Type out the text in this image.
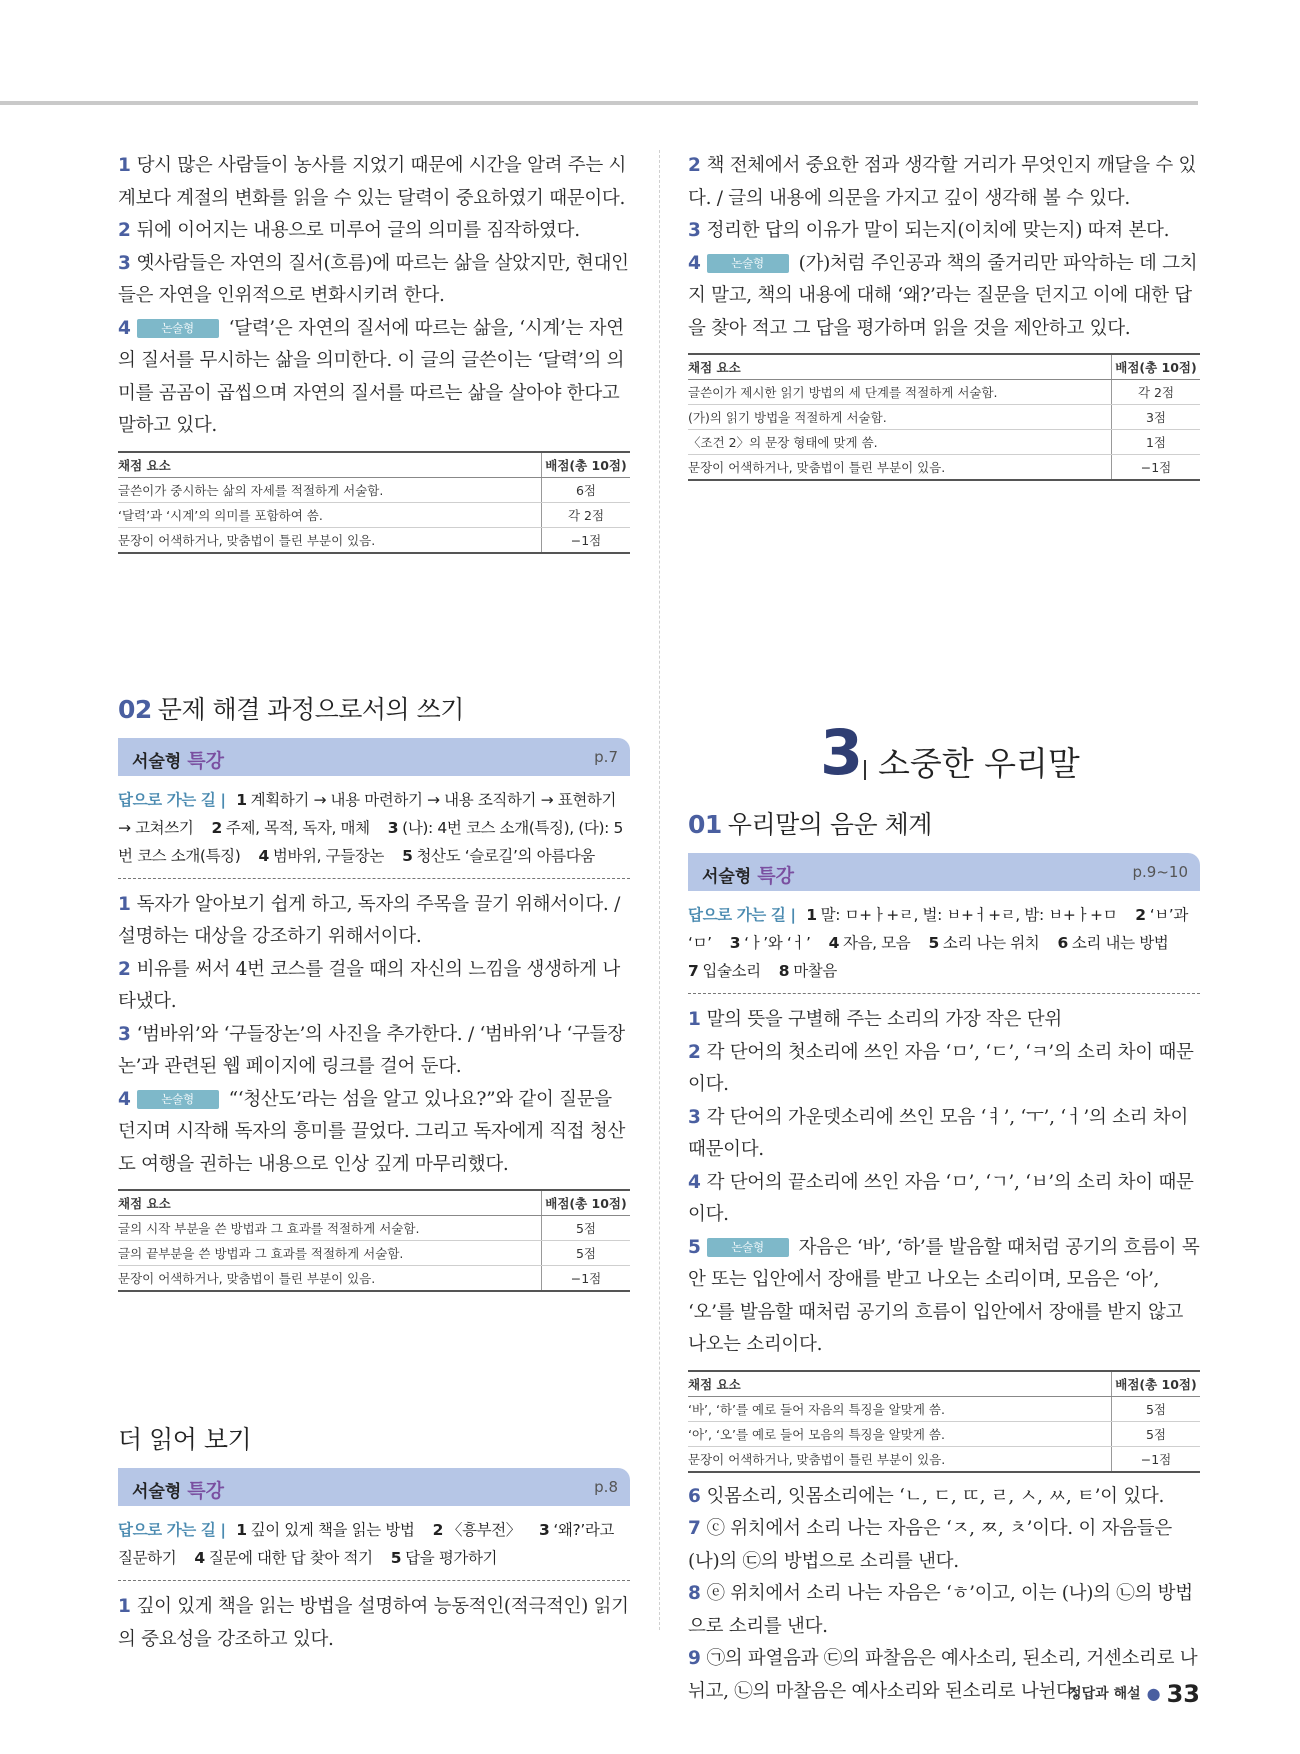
1 당시 많은 사람들이 농사를 지었기 때문에 시간을 알려 주는 시계보다 계절의 변화를 읽을 수 있는 달력이 중요하였기 때문이다.

2 뒤에 이어지는 내용으로 미루어 글의 의미를 짐작하였다.

3 옛사람들은 자연의 질서(흐름)에 따르는 삶을 살았지만, 현대인들은 자연을 인위적으로 변화시키려 한다.

4	논술형 ‘달력’은 자연의 질서에 따르는 삶을, ‘시계’는 자연의 질서를 무시하는 삶을 의미한다. 이 글의 글쓴이는 ‘달력’의 의미를 곰곰이 곱씹으며 자연의 질서를 따르는 삶을 살아야 한다고 말하고 있다.

채점 요소	배점(총 10점)
글쓴이가 중시하는 삶의 자세를 적절하게 서술함.	6점
‘달력’과 ‘시계’의 의미를 포함하여 씀.	각 2점
문장이 어색하거나, 맞춤법이 틀린 부분이 있음.	−1점
02 문제 해결 과정으로서의 쓰기
서술형 특강	p.7

답으로 가는 길 | 1 계획하기 → 내용 마련하기 → 내용 조직하기 → 표현하기 → 고쳐쓰기 2 주제, 목적, 독자, 매체 3 (나): 4번 코스 소개(특징), (다): 5번 코스 소개(특징) 4 범바위, 구들장논 5 청산도 ‘슬로길’의 아름다움

1 독자가 알아보기 쉽게 하고, 독자의 주목을 끌기 위해서이다. / 설명하는 대상을 강조하기 위해서이다.

2 비유를 써서 4번 코스를 걸을 때의 자신의 느낌을 생생하게 나타냈다.

3 ‘범바위’와 ‘구들장논’의 사진을 추가한다. / ‘범바위’나 ‘구들장논’과 관련된 웹 페이지에 링크를 걸어 둔다.

4	논술형 “‘청산도’라는 섬을 알고 있나요?”와 같이 질문을 던지며 시작해 독자의 흥미를 끌었다. 그리고 독자에게 직접 청산도 여행을 권하는 내용으로 인상 깊게 마무리했다.

채점 요소	배점(총 10점)
글의 시작 부분을 쓴 방법과 그 효과를 적절하게 서술함.	5점
글의 끝부분을 쓴 방법과 그 효과를 적절하게 서술함.	5점
문장이 어색하거나, 맞춤법이 틀린 부분이 있음.	−1점
더 읽어 보기
서술형 특강	p.8

답으로 가는 길 | 1 깊이 있게 책을 읽는 방법 2 〈흥부전〉 3 ‘왜?’라고 질문하기 4 질문에 대한 답 찾아 적기 5 답을 평가하기

1 깊이 있게 책을 읽는 방법을 설명하여 능동적인(적극적인) 읽기의 중요성을 강조하고 있다.

2 책 전체에서 중요한 점과 생각할 거리가 무엇인지 깨달을 수 있다. / 글의 내용에 의문을 가지고 깊이 생각해 볼 수 있다.

3 정리한 답의 이유가 말이 되는지(이치에 맞는지) 따져 본다.

4	논술형 (가)처럼 주인공과 책의 줄거리만 파악하는 데 그치지 말고, 책의 내용에 대해 ‘왜?’라는 질문을 던지고 이에 대한 답을 찾아 적고 그 답을 평가하며 읽을 것을 제안하고 있다.

채점 요소	배점(총 10점)
글쓴이가 제시한 읽기 방법의 세 단계를 적절하게 서술함.	각 2점
(가)의 읽기 방법을 적절하게 서술함.	3점
〈조건 2〉의 문장 형태에 맞게 씀.	1점
문장이 어색하거나, 맞춤법이 틀린 부분이 있음.	−1점
01 우리말의 음운 체계
서술형 특강	p.9~10

답으로 가는 길 | 1 말: ㅁ+ㅏ+ㄹ, 벌: ㅂ+ㅓ+ㄹ, 밤: ㅂ+ㅏ+ㅁ 2 ‘ㅂ’과 ‘ㅁ’ 3 ‘ㅏ’와 ‘ㅓ’ 4 자음, 모음 5 소리 나는 위치 6 소리 내는 방법    7 입술소리 8 마찰음

1 말의 뜻을 구별해 주는 소리의 가장 작은 단위

2 각 단어의 첫소리에 쓰인 자음 ‘ㅁ’, ‘ㄷ’, ‘ㅋ’의 소리 차이 때문이다.

3 각 단어의 가운뎃소리에 쓰인 모음 ‘ㅕ’, ‘ㅜ’, ‘ㅓ’의 소리 차이 때문이다.

4 각 단어의 끝소리에 쓰인 자음 ‘ㅁ’, ‘ㄱ’, ‘ㅂ’의 소리 차이 때문이다.

5	논술형 자음은 ‘바’, ‘하’를 발음할 때처럼 공기의 흐름이 목안 또는 입안에서 장애를 받고 나오는 소리이며, 모음은 ‘아’, ‘오’를 발음할 때처럼 공기의 흐름이 입안에서 장애를 받지 않고 나오는 소리이다.

채점 요소	배점(총 10점)
‘바’, ‘하’를 예로 들어 자음의 특징을 알맞게 씀.	5점
‘아’, ‘오’를 예로 들어 모음의 특징을 알맞게 씀.	5점
문장이 어색하거나, 맞춤법이 틀린 부분이 있음.	−1점

6 잇몸소리, 잇몸소리에는 ‘ㄴ, ㄷ, ㄸ, ㄹ, ㅅ, ㅆ, ㅌ’이 있다.

7 ⓒ 위치에서 소리 나는 자음은 ‘ㅈ, ㅉ, ㅊ’이다. 이 자음들은 (나)의 ㉢의 방법으로 소리를 낸다.

8 ⓔ 위치에서 소리 나는 자음은 ‘ㅎ’이고, 이는 (나)의 ㉡의 방법으로 소리를 낸다.

9 ㉠의 파열음과 ㉢의 파찰음은 예사소리, 된소리, 거센소리로 나뉘고, ㉡의 마찰음은 예사소리와 된소리로 나뉜다.

3 소중한 우리말
정답과 해설 ● 33
